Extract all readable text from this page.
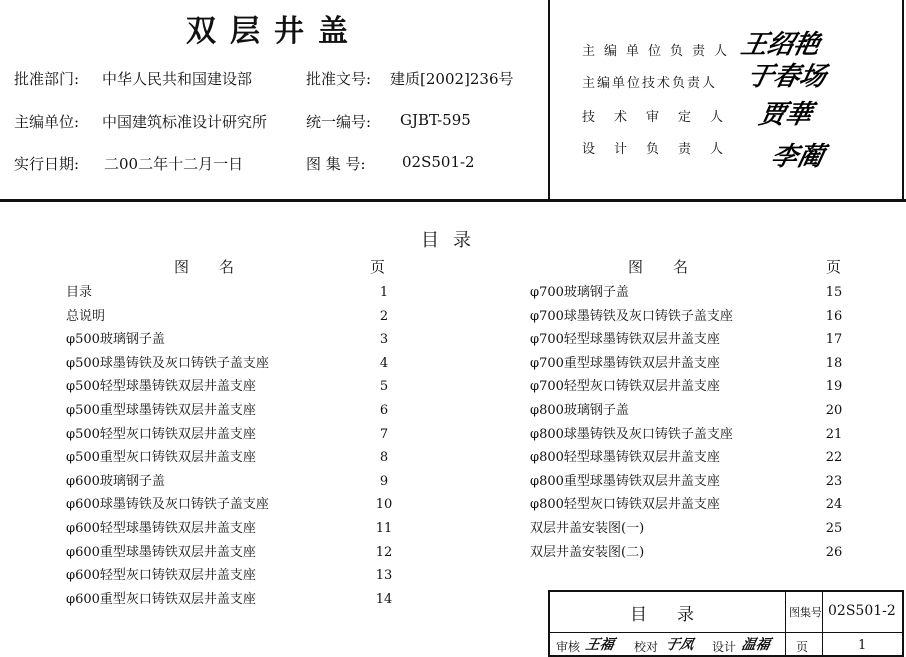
双层井盖
批准部门: 中华人民共和国建设部	批准文号: 建质[2002]236号
主编单位: 中国建筑标准设计研究所	统一编号: GJBT-595
实行日期: 二00二年十二月一日	图 集 号: 02S501-2
主编单位负责人 王绍艳
主编单位技术负责人 于春场
技术审定人 贾華
设计负责人 李蔺
目录
图名	页	图名	页
目录	1
总说明	2
φ500玻璃钢子盖	3
φ500球墨铸铁及灰口铸铁子盖支座	4
φ500轻型球墨铸铁双层井盖支座	5
φ500重型球墨铸铁双层井盖支座	6
φ500轻型灰口铸铁双层井盖支座	7
φ500重型灰口铸铁双层井盖支座	8
φ600玻璃钢子盖	9
φ600球墨铸铁及灰口铸铁子盖支座	10
φ600轻型球墨铸铁双层井盖支座	11
φ600重型球墨铸铁双层井盖支座	12
φ600轻型灰口铸铁双层井盖支座	13
φ600重型灰口铸铁双层井盖支座	14
φ700玻璃钢子盖	15
φ700球墨铸铁及灰口铸铁子盖支座	16
φ700轻型球墨铸铁双层井盖支座	17
φ700重型球墨铸铁双层井盖支座	18
φ700轻型灰口铸铁双层井盖支座	19
φ800玻璃钢子盖	20
φ800球墨铸铁及灰口铸铁子盖支座	21
φ800轻型球墨铸铁双层井盖支座	22
φ800重型球墨铸铁双层井盖支座	23
φ800轻型灰口铸铁双层井盖支座	24
双层井盖安装图(一)	25
双层井盖安装图(二)	26
目录	图集号 02S501-2
审核 王福 校对 于凤 设计 温福 页	1
